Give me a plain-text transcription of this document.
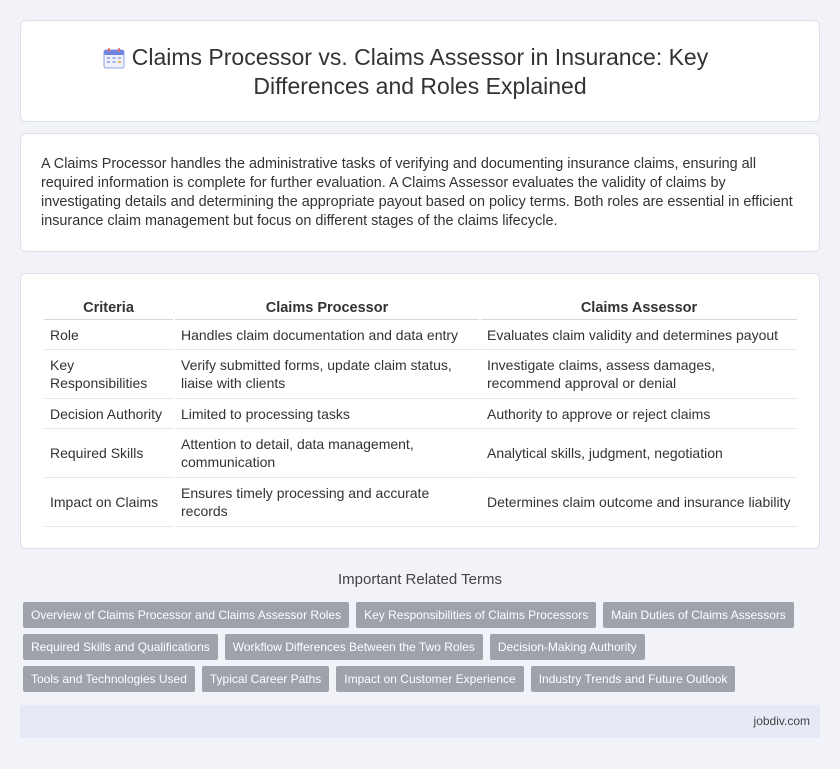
Claims Processor vs. Claims Assessor in Insurance: Key Differences and Roles Explained

A Claims Processor handles the administrative tasks of verifying and documenting insurance claims, ensuring all required information is complete for further evaluation. A Claims Assessor evaluates the validity of claims by investigating details and determining the appropriate payout based on policy terms. Both roles are essential in efficient insurance claim management but focus on different stages of the claims lifecycle.

Criteria	Claims Processor	Claims Assessor
Role	Handles claim documentation and data entry	Evaluates claim validity and determines payout
Key Responsibilities	Verify submitted forms, update claim status, liaise with clients	Investigate claims, assess damages, recommend approval or denial
Decision Authority	Limited to processing tasks	Authority to approve or reject claims
Required Skills	Attention to detail, data management, communication	Analytical skills, judgment, negotiation
Impact on Claims	Ensures timely processing and accurate records	Determines claim outcome and insurance liability
Important Related Terms
Overview of Claims Processor and Claims Assessor Roles	Key Responsibilities of Claims Processors	Main Duties of Claims Assessors
Required Skills and Qualifications	Workflow Differences Between the Two Roles	Decision-Making Authority
Tools and Technologies Used	Typical Career Paths	Impact on Customer Experience	Industry Trends and Future Outlook
jobdiv.com
